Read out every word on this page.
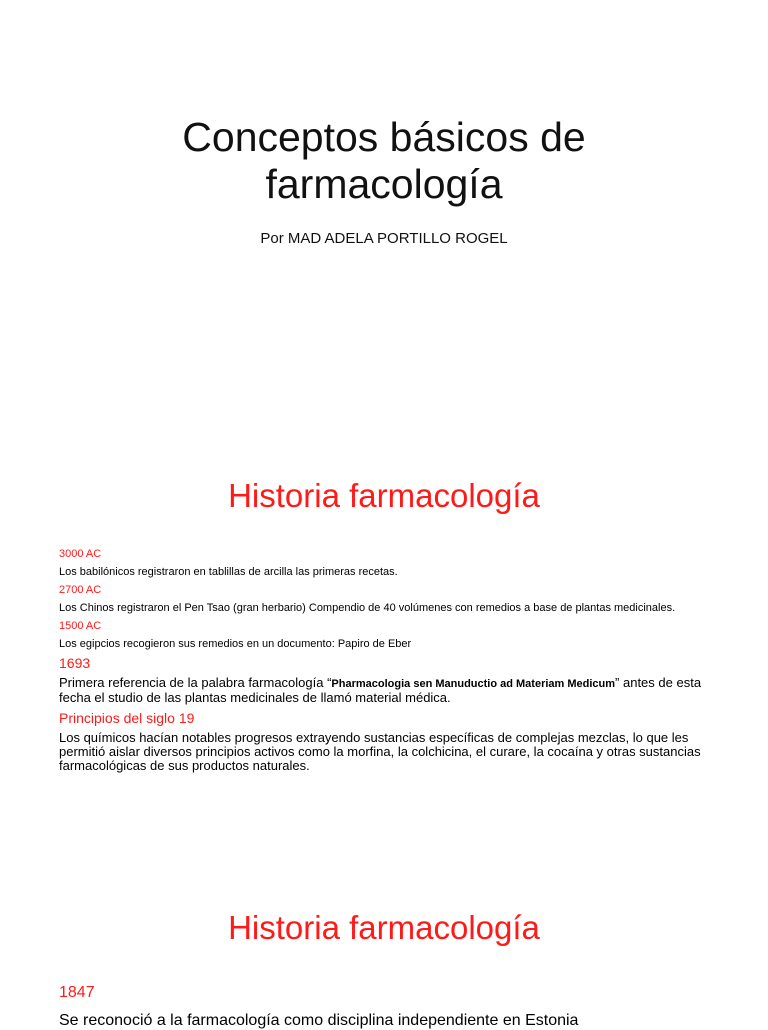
Conceptos básicos de
farmacología
Por MAD ADELA PORTILLO ROGEL
Historia farmacología
3000 AC
Los babilónicos registraron en tablillas de arcilla las primeras recetas.
2700 AC
Los Chinos registraron el Pen Tsao (gran herbario) Compendio de 40 volúmenes con remedios a base de plantas medicinales.
1500 AC
Los egipcios recogieron sus remedios en un documento: Papiro de Eber
1693
Primera referencia de la palabra farmacología “Pharmacologia sen Manuductio ad Materiam Medicum” antes de esta fecha el studio de las plantas medicinales de llamó material médica.
Principios del siglo 19
Los químicos hacían notables progresos extrayendo sustancias específicas de complejas mezclas, lo que les permitió aislar diversos principios activos como la morfina, la colchicina, el curare, la cocaína y otras sustancias farmacológicas de sus productos naturales.
Historia farmacología
1847
Se reconoció a la farmacología como disciplina independiente en Estonia
